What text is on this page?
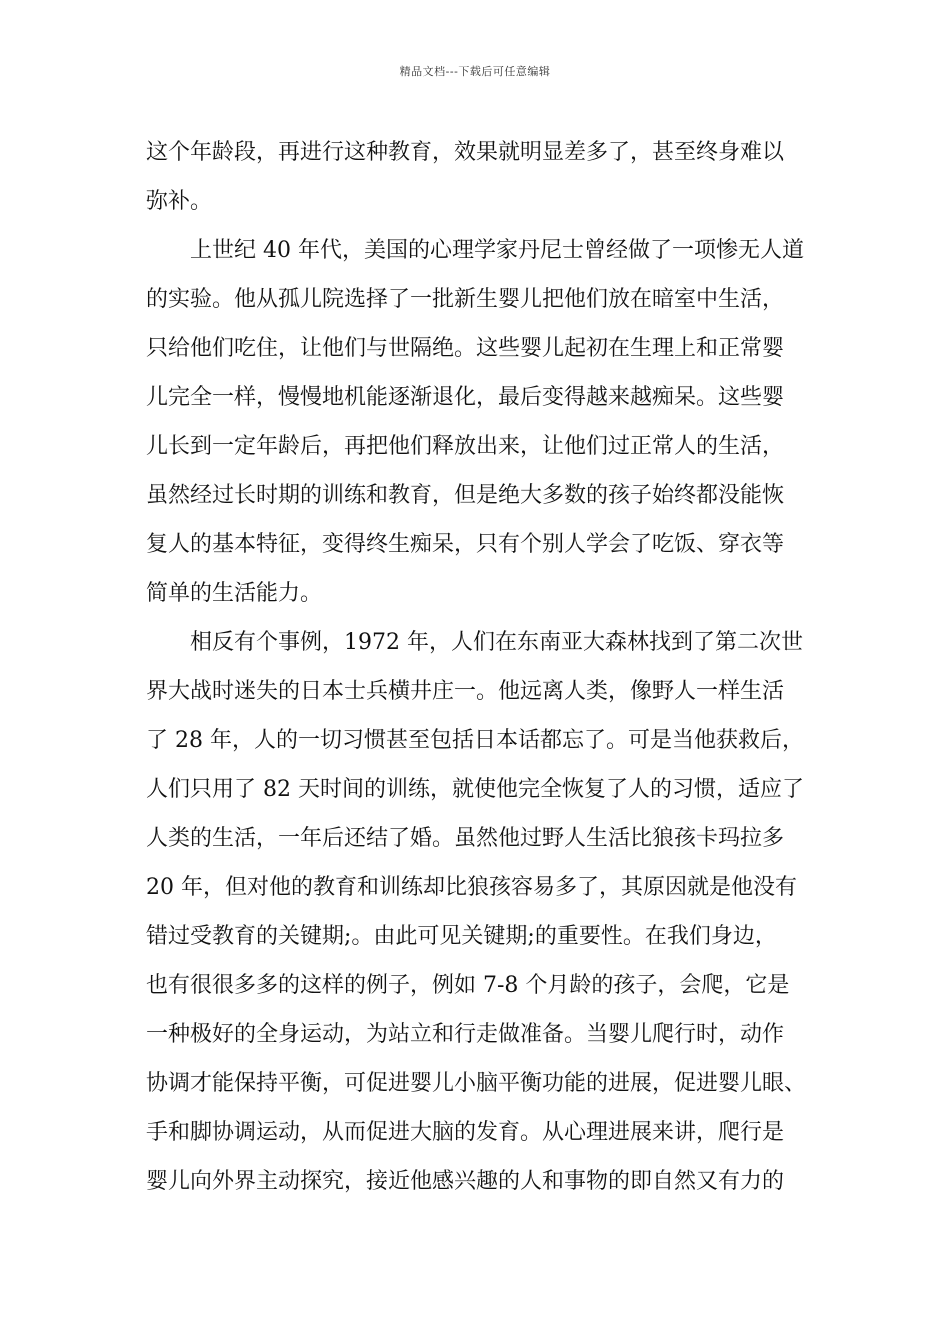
精品文档---下载后可任意编辑
这个年龄段，再进行这种教育，效果就明显差多了，甚至终身难以
弥补。
上世纪 40 年代，美国的心理学家丹尼士曾经做了一项惨无人道
的实验。他从孤儿院选择了一批新生婴儿把他们放在暗室中生活，
只给他们吃住，让他们与世隔绝。这些婴儿起初在生理上和正常婴
儿完全一样，慢慢地机能逐渐退化，最后变得越来越痴呆。这些婴
儿长到一定年龄后，再把他们释放出来，让他们过正常人的生活，
虽然经过长时期的训练和教育，但是绝大多数的孩子始终都没能恢
复人的基本特征，变得终生痴呆，只有个别人学会了吃饭、穿衣等
简单的生活能力。
相反有个事例，1972 年，人们在东南亚大森林找到了第二次世
界大战时迷失的日本士兵横井庄一。他远离人类，像野人一样生活
了 28 年，人的一切习惯甚至包括日本话都忘了。可是当他获救后，
人们只用了 82 天时间的训练，就使他完全恢复了人的习惯，适应了
人类的生活，一年后还结了婚。虽然他过野人生活比狼孩卡玛拉多
20 年，但对他的教育和训练却比狼孩容易多了，其原因就是他没有
错过受教育的关键期;。由此可见关键期;的重要性。在我们身边，
也有很很多多的这样的例子，例如 7-8 个月龄的孩子，会爬，它是
一种极好的全身运动，为站立和行走做准备。当婴儿爬行时，动作
协调才能保持平衡，可促进婴儿小脑平衡功能的进展，促进婴儿眼、
手和脚协调运动，从而促进大脑的发育。从心理进展来讲，爬行是
婴儿向外界主动探究，接近他感兴趣的人和事物的即自然又有力的
